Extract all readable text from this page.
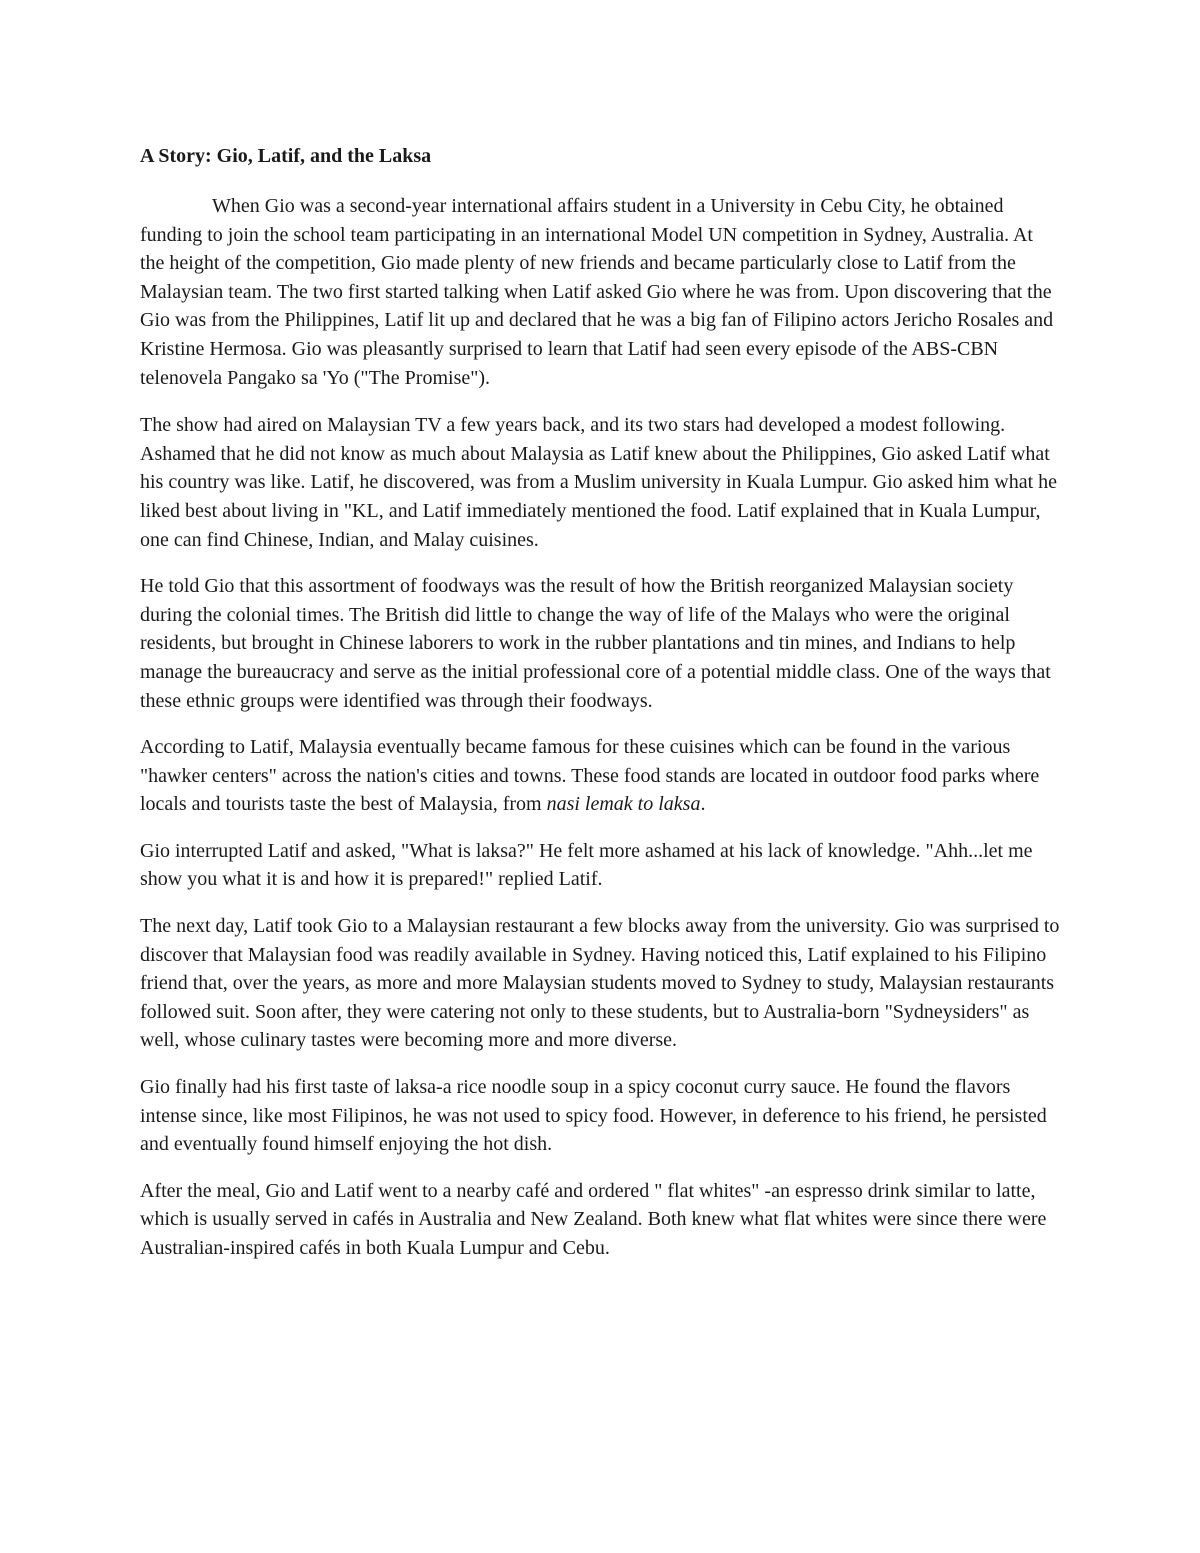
A Story: Gio, Latif, and the Laksa

When Gio was a second-year international affairs student in a University in Cebu City, he obtained funding to join the school team participating in an international Model UN competition in Sydney, Australia. At the height of the competition, Gio made plenty of new friends and became particularly close to Latif from the Malaysian team. The two first started talking when Latif asked Gio where he was from. Upon discovering that the Gio was from the Philippines, Latif lit up and declared that he was a big fan of Filipino actors Jericho Rosales and Kristine Hermosa. Gio was pleasantly surprised to learn that Latif had seen every episode of the ABS-CBN telenovela Pangako sa 'Yo ("The Promise").

The show had aired on Malaysian TV a few years back, and its two stars had developed a modest following. Ashamed that he did not know as much about Malaysia as Latif knew about the Philippines, Gio asked Latif what his country was like. Latif, he discovered, was from a Muslim university in Kuala Lumpur. Gio asked him what he liked best about living in "KL, and Latif immediately mentioned the food. Latif explained that in Kuala Lumpur, one can find Chinese, Indian, and Malay cuisines.

He told Gio that this assortment of foodways was the result of how the British reorganized Malaysian society during the colonial times. The British did little to change the way of life of the Malays who were the original residents, but brought in Chinese laborers to work in the rubber plantations and tin mines, and Indians to help manage the bureaucracy and serve as the initial professional core of a potential middle class. One of the ways that these ethnic groups were identified was through their foodways.

According to Latif, Malaysia eventually became famous for these cuisines which can be found in the various "hawker centers" across the nation's cities and towns. These food stands are located in outdoor food parks where locals and tourists taste the best of Malaysia, from nasi lemak to laksa.

Gio interrupted Latif and asked, "What is laksa?" He felt more ashamed at his lack of knowledge. "Ahh...let me show you what it is and how it is prepared!" replied Latif.

The next day, Latif took Gio to a Malaysian restaurant a few blocks away from the university. Gio was surprised to discover that Malaysian food was readily available in Sydney. Having noticed this, Latif explained to his Filipino friend that, over the years, as more and more Malaysian students moved to Sydney to study, Malaysian restaurants followed suit. Soon after, they were catering not only to these students, but to Australia-born "Sydneysiders" as well, whose culinary tastes were becoming more and more diverse.

Gio finally had his first taste of laksa-a rice noodle soup in a spicy coconut curry sauce. He found the flavors intense since, like most Filipinos, he was not used to spicy food. However, in deference to his friend, he persisted and eventually found himself enjoying the hot dish.

After the meal, Gio and Latif went to a nearby café and ordered " flat whites" -an espresso drink similar to latte, which is usually served in cafés in Australia and New Zealand. Both knew what flat whites were since there were Australian-inspired cafés in both Kuala Lumpur and Cebu.
